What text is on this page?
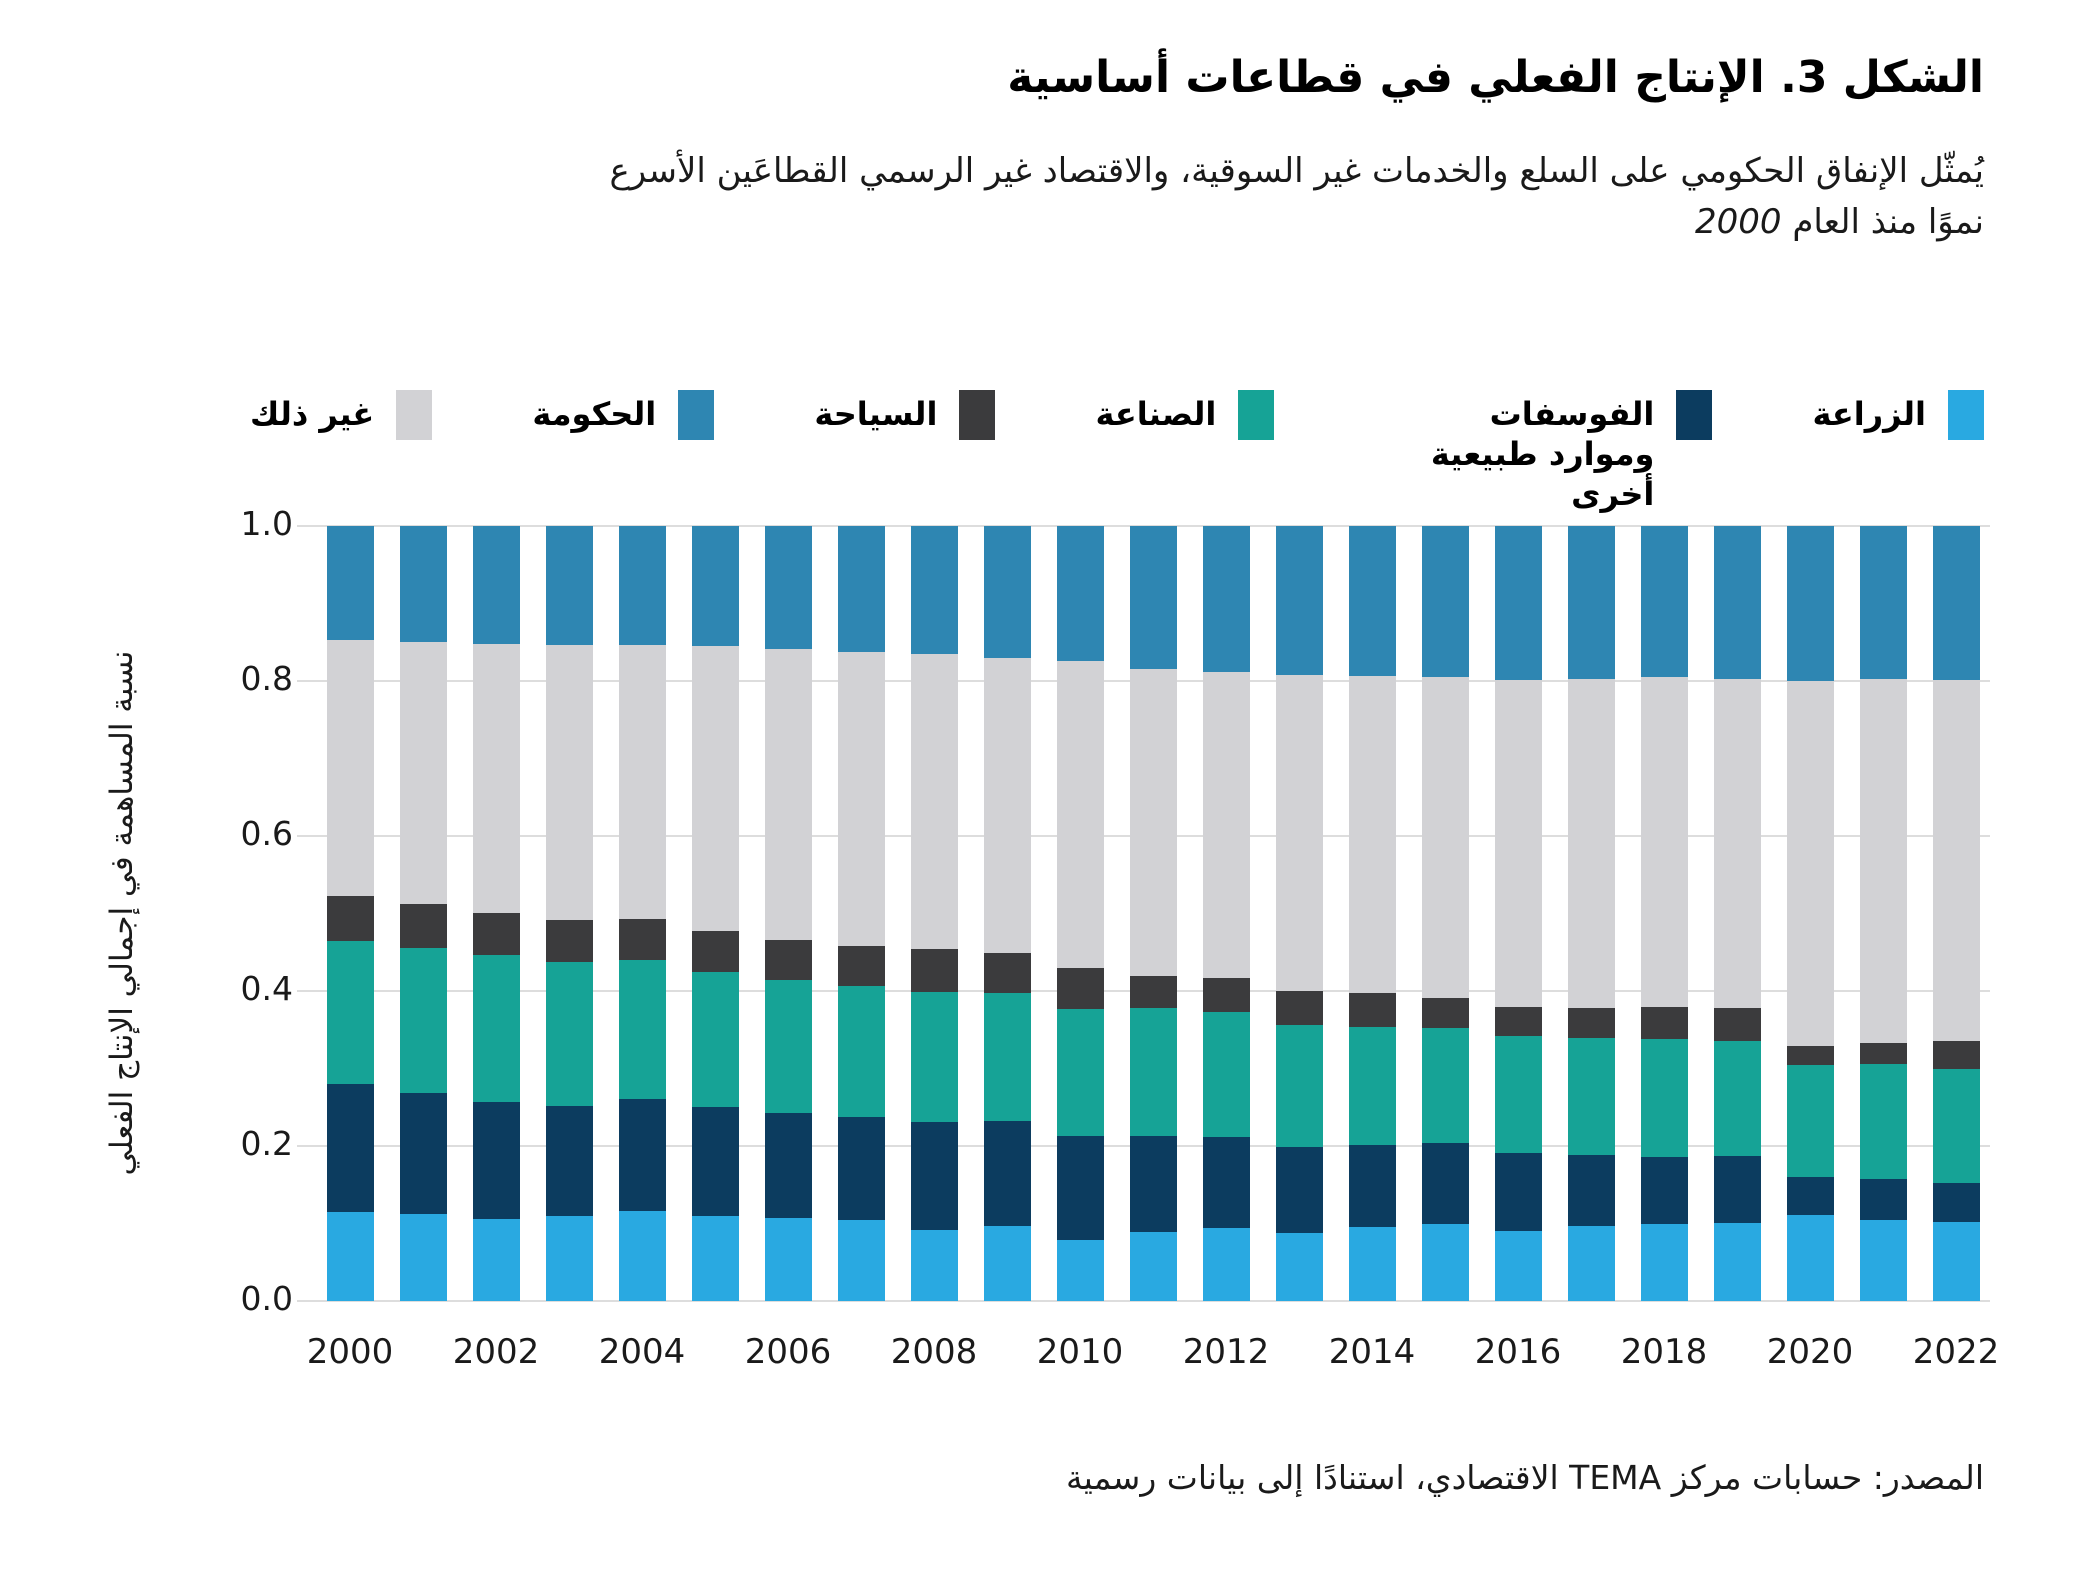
الشكل 3. الإنتاج الفعلي في قطاعات أساسية
يُمثّل الإنفاق الحكومي على السلع والخدمات غير السوقية، والاقتصاد غير الرسمي القطاعَين الأسرع
نموًا منذ العام 2000
الزراعة
الفوسفات وموارد طبيعية أخرى
الصناعة
السياحة
الحكومة
غير ذلك
نسبة المساهمة في إجمالي الإنتاج الفعلي
0.0
0.2
0.4
0.6
0.8
1.0
2000	2002	2004	2006	2008	2010	2012	2014	2016	2018	2020	2022
المصدر: حسابات مركز TEMA الاقتصادي، استنادًا إلى بيانات رسمية
